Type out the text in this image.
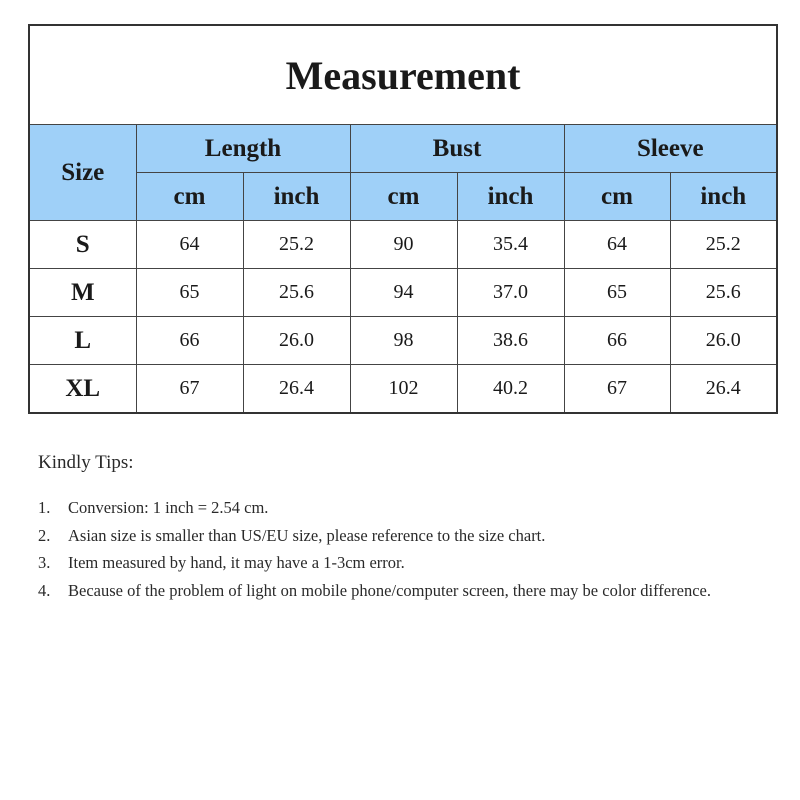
Measurement						
Size	Length		Bust		Sleeve	
	cm	inch	cm	inch	cm	inch
S	64	25.2	90	35.4	64	25.2
M	65	25.6	94	37.0	65	25.6
L	66	26.0	98	38.6	66	26.0
XL	67	26.4	102	40.2	67	26.4
Kindly Tips:
1. Conversion: 1 inch = 2.54 cm.
2. Asian size is smaller than US/EU size, please reference to the size chart.
3. Item measured by hand, it may have a 1-3cm error.
4. Because of the problem of light on mobile phone/computer screen, there may be color difference.
